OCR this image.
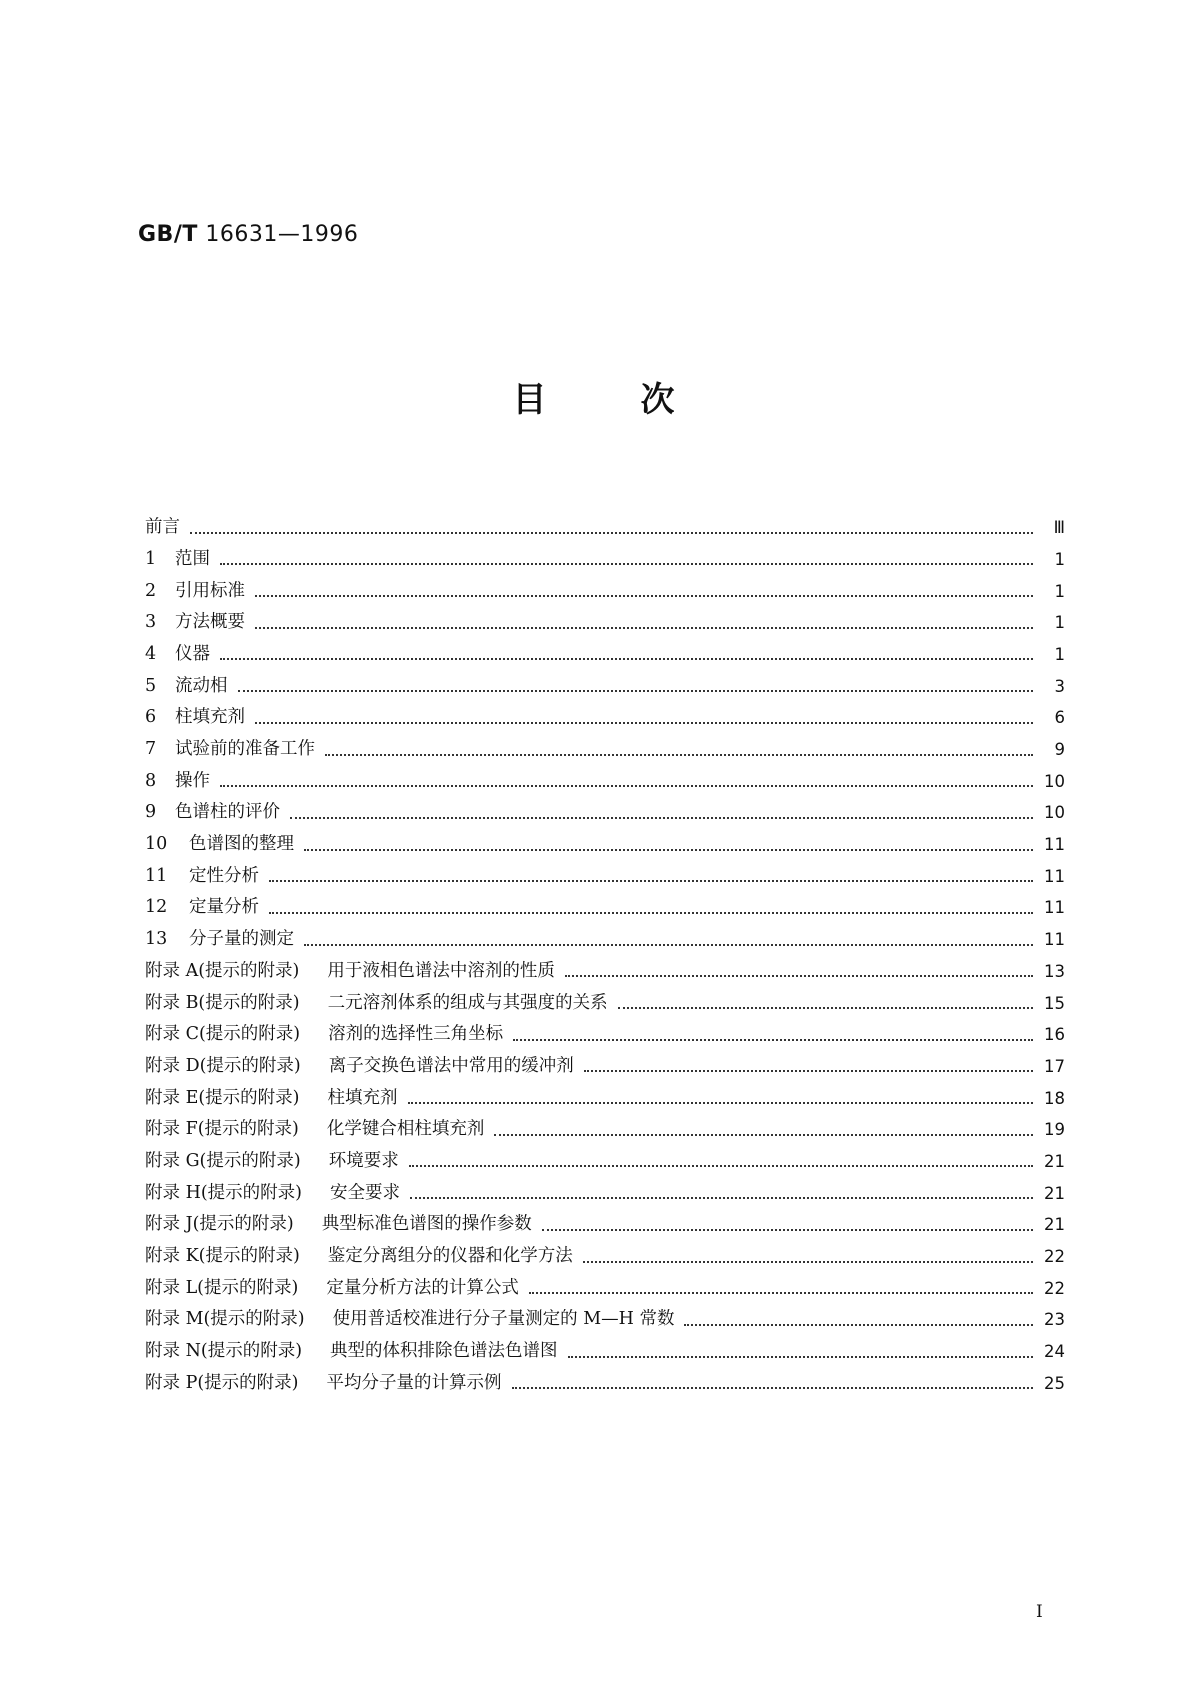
GB/T 16631—1996
目	次
前言	Ⅲ
1	范围	1
2	引用标准	1
3	方法概要	1
4	仪器	1
5	流动相	3
6	柱填充剂	6
7	试验前的准备工作	9
8	操作	10
9	色谱柱的评价	10
10	色谱图的整理	11
11	定性分析	11
12	定量分析	11
13	分子量的测定	11
附录 A(提示的附录) 用于液相色谱法中溶剂的性质	13
附录 B(提示的附录) 二元溶剂体系的组成与其强度的关系	15
附录 C(提示的附录) 溶剂的选择性三角坐标	16
附录 D(提示的附录) 离子交换色谱法中常用的缓冲剂	17
附录 E(提示的附录) 柱填充剂	18
附录 F(提示的附录) 化学键合相柱填充剂	19
附录 G(提示的附录) 环境要求	21
附录 H(提示的附录) 安全要求	21
附录 J(提示的附录) 典型标准色谱图的操作参数	21
附录 K(提示的附录) 鉴定分离组分的仪器和化学方法	22
附录 L(提示的附录) 定量分析方法的计算公式	22
附录 M(提示的附录) 使用普适校准进行分子量测定的 M—H 常数	23
附录 N(提示的附录) 典型的体积排除色谱法色谱图	24
附录 P(提示的附录) 平均分子量的计算示例	25
I
